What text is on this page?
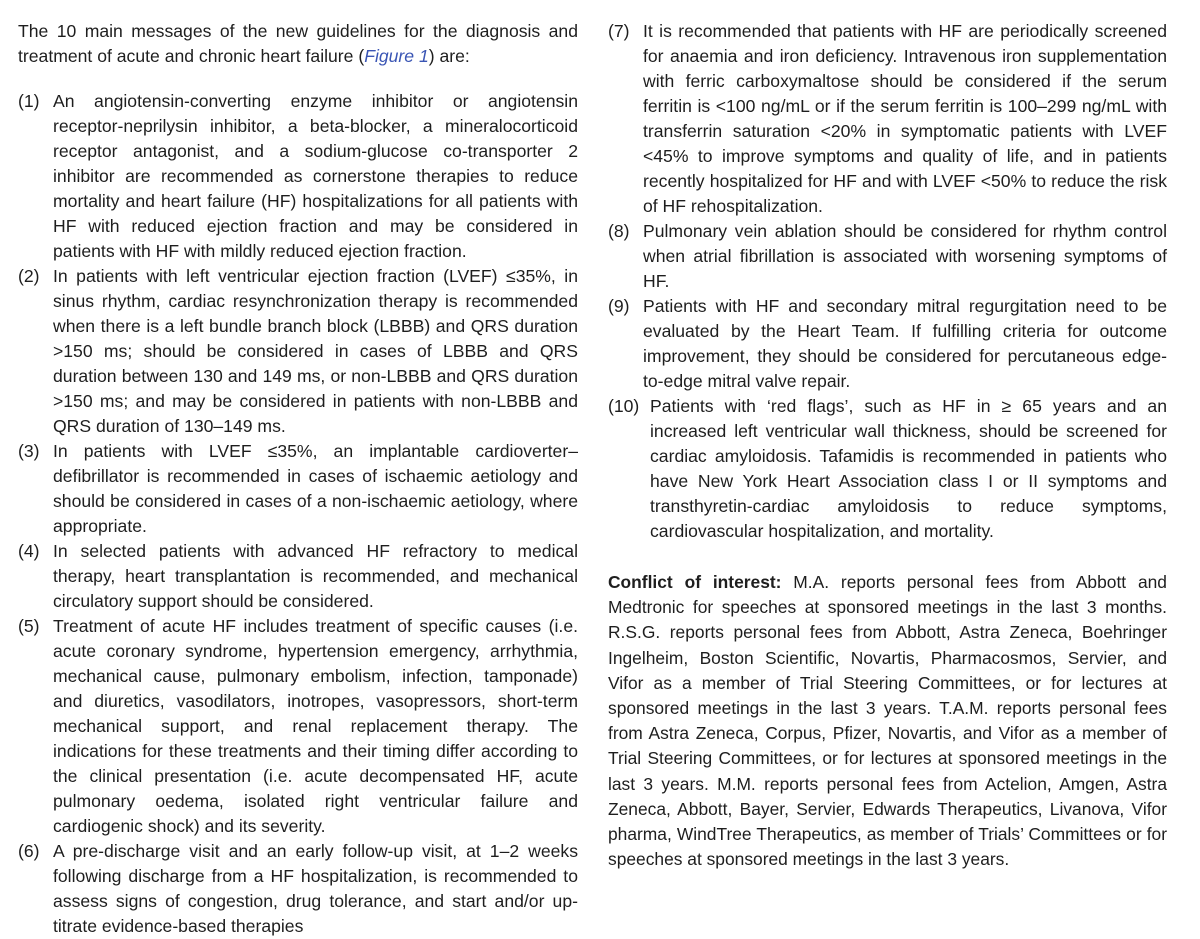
The 10 main messages of the new guidelines for the diagnosis and treatment of acute and chronic heart failure (Figure 1) are:

(1) An angiotensin-converting enzyme inhibitor or angiotensin receptor-neprilysin inhibitor, a beta-blocker, a mineralocorticoid receptor antagonist, and a sodium-glucose co-transporter 2 inhibitor are recommended as cornerstone therapies to reduce mortality and heart failure (HF) hospitalizations for all patients with HF with reduced ejection fraction and may be considered in patients with HF with mildly reduced ejection fraction.
(2) In patients with left ventricular ejection fraction (LVEF) ≤35%, in sinus rhythm, cardiac resynchronization therapy is recommended when there is a left bundle branch block (LBBB) and QRS duration >150 ms; should be considered in cases of LBBB and QRS duration between 130 and 149 ms, or non-LBBB and QRS duration >150 ms; and may be considered in patients with non-LBBB and QRS duration of 130–149 ms.
(3) In patients with LVEF ≤35%, an implantable cardioverter–defibrillator is recommended in cases of ischaemic aetiology and should be considered in cases of a non-ischaemic aetiology, where appropriate.
(4) In selected patients with advanced HF refractory to medical therapy, heart transplantation is recommended, and mechanical circulatory support should be considered.
(5) Treatment of acute HF includes treatment of specific causes (i.e. acute coronary syndrome, hypertension emergency, arrhythmia, mechanical cause, pulmonary embolism, infection, tamponade) and diuretics, vasodilators, inotropes, vasopressors, short-term mechanical support, and renal replacement therapy. The indications for these treatments and their timing differ according to the clinical presentation (i.e. acute decompensated HF, acute pulmonary oedema, isolated right ventricular failure and cardiogenic shock) and its severity.
(6) A pre-discharge visit and an early follow-up visit, at 1–2 weeks following discharge from a HF hospitalization, is recommended to assess signs of congestion, drug tolerance, and start and/or up-titrate evidence-based therapies
(7) It is recommended that patients with HF are periodically screened for anaemia and iron deficiency. Intravenous iron supplementation with ferric carboxymaltose should be considered if the serum ferritin is <100 ng/mL or if the serum ferritin is 100–299 ng/mL with transferrin saturation <20% in symptomatic patients with LVEF <45% to improve symptoms and quality of life, and in patients recently hospitalized for HF and with LVEF <50% to reduce the risk of HF rehospitalization.
(8) Pulmonary vein ablation should be considered for rhythm control when atrial fibrillation is associated with worsening symptoms of HF.
(9) Patients with HF and secondary mitral regurgitation need to be evaluated by the Heart Team. If fulfilling criteria for outcome improvement, they should be considered for percutaneous edge-to-edge mitral valve repair.
(10) Patients with ‘red flags’, such as HF in ≥ 65 years and an increased left ventricular wall thickness, should be screened for cardiac amyloidosis. Tafamidis is recommended in patients who have New York Heart Association class I or II symptoms and transthyretin-cardiac amyloidosis to reduce symptoms, cardiovascular hospitalization, and mortality.

Conflict of interest: M.A. reports personal fees from Abbott and Medtronic for speeches at sponsored meetings in the last 3 months. R.S.G. reports personal fees from Abbott, Astra Zeneca, Boehringer Ingelheim, Boston Scientific, Novartis, Pharmacosmos, Servier, and Vifor as a member of Trial Steering Committees, or for lectures at sponsored meetings in the last 3 years. T.A.M. reports personal fees from Astra Zeneca, Corpus, Pfizer, Novartis, and Vifor as a member of Trial Steering Committees, or for lectures at sponsored meetings in the last 3 years. M.M. reports personal fees from Actelion, Amgen, Astra Zeneca, Abbott, Bayer, Servier, Edwards Therapeutics, Livanova, Vifor pharma, WindTree Therapeutics, as member of Trials’ Committees or for speeches at sponsored meetings in the last 3 years.
